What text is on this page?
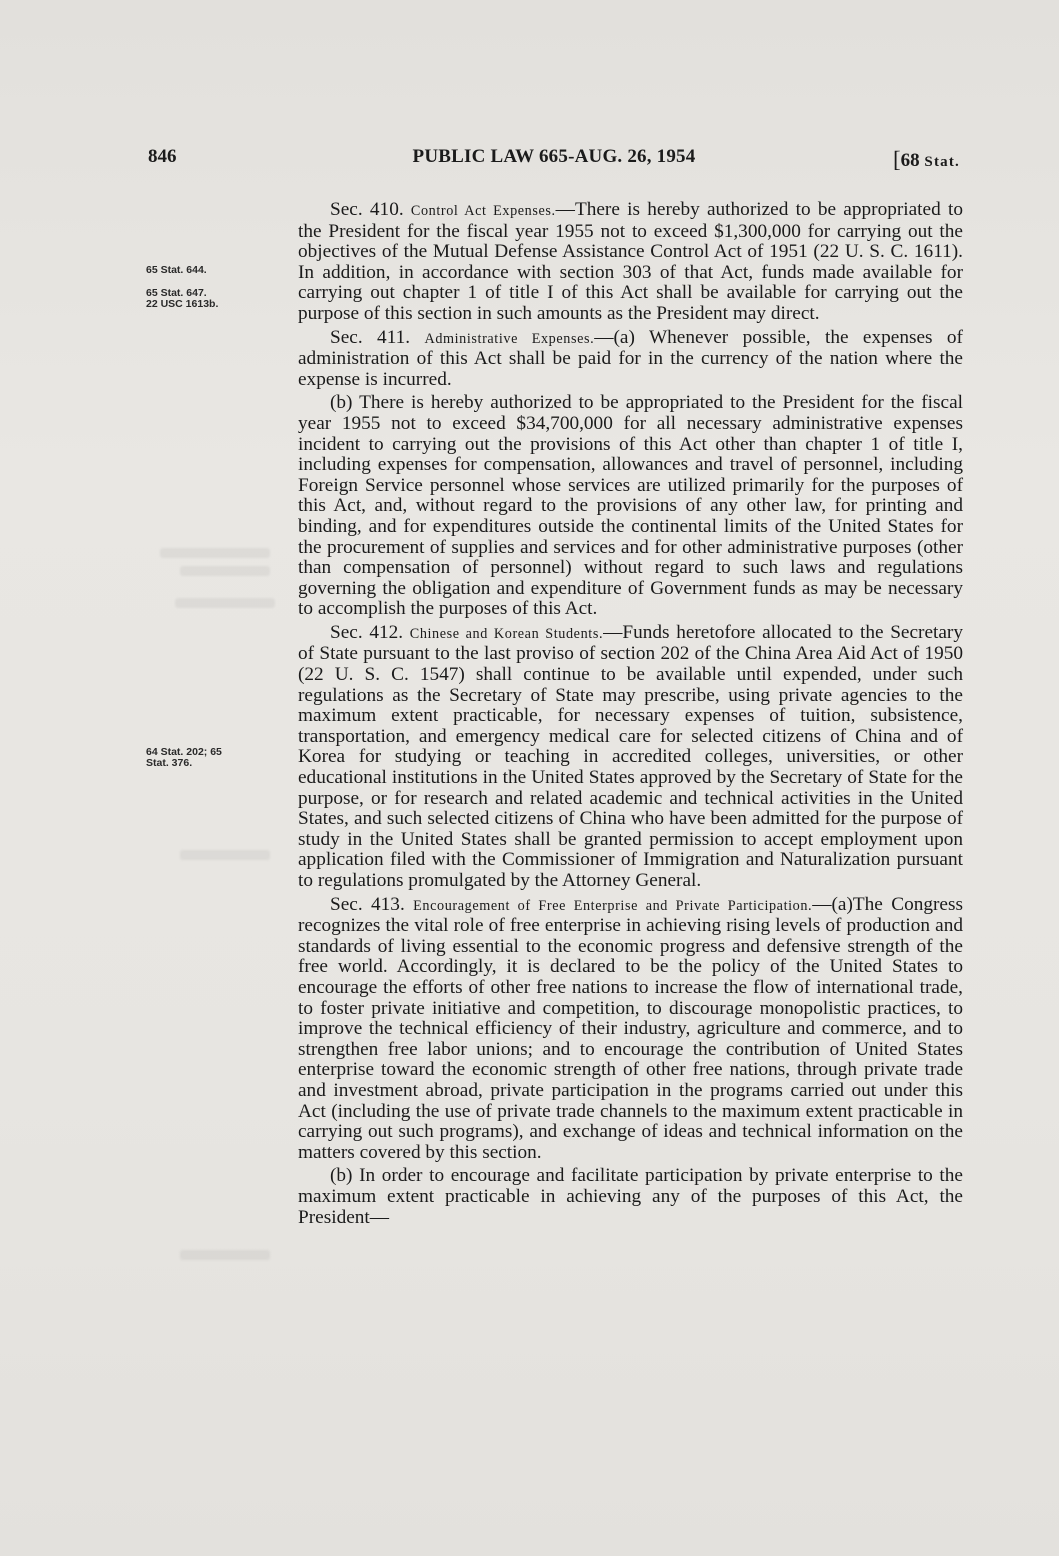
846	PUBLIC LAW 665-AUG. 26, 1954	[68 Stat.
65 Stat. 644.
65 Stat. 647.
22 USC 1613b.
64 Stat. 202; 65
Stat. 376.

Sec. 410. Control Act Expenses.—There is hereby authorized to be appropriated to the President for the fiscal year 1955 not to exceed $1,300,000 for carrying out the objectives of the Mutual Defense Assistance Control Act of 1951 (22 U. S. C. 1611). In addition, in accordance with section 303 of that Act, funds made available for carrying out chapter 1 of title I of this Act shall be available for carrying out the purpose of this section in such amounts as the President may direct.

Sec. 411. Administrative Expenses.—(a) Whenever possible, the expenses of administration of this Act shall be paid for in the currency of the nation where the expense is incurred.

(b) There is hereby authorized to be appropriated to the President for the fiscal year 1955 not to exceed $34,700,000 for all necessary administrative expenses incident to carrying out the provisions of this Act other than chapter 1 of title I, including expenses for compensation, allowances and travel of personnel, including Foreign Service personnel whose services are utilized primarily for the purposes of this Act, and, without regard to the provisions of any other law, for printing and binding, and for expenditures outside the continental limits of the United States for the procurement of supplies and services and for other administrative purposes (other than compensation of personnel) without regard to such laws and regulations governing the obligation and expenditure of Government funds as may be necessary to accomplish the purposes of this Act.

Sec. 412. Chinese and Korean Students.—Funds heretofore allocated to the Secretary of State pursuant to the last proviso of section 202 of the China Area Aid Act of 1950 (22 U. S. C. 1547) shall continue to be available until expended, under such regulations as the Secretary of State may prescribe, using private agencies to the maximum extent practicable, for necessary expenses of tuition, subsistence, transportation, and emergency medical care for selected citizens of China and of Korea for studying or teaching in accredited colleges, universities, or other educational institutions in the United States approved by the Secretary of State for the purpose, or for research and related academic and technical activities in the United States, and such selected citizens of China who have been admitted for the purpose of study in the United States shall be granted permission to accept employment upon application filed with the Commissioner of Immigration and Naturalization pursuant to regulations promulgated by the Attorney General.

Sec. 413. Encouragement of Free Enterprise and Private Participation.—(a)The Congress recognizes the vital role of free enterprise in achieving rising levels of production and standards of living essential to the economic progress and defensive strength of the free world. Accordingly, it is declared to be the policy of the United States to encourage the efforts of other free nations to increase the flow of international trade, to foster private initiative and competition, to discourage monopolistic practices, to improve the technical efficiency of their industry, agriculture and commerce, and to strengthen free labor unions; and to encourage the contribution of United States enterprise toward the economic strength of other free nations, through private trade and investment abroad, private participation in the programs carried out under this Act (including the use of private trade channels to the maximum extent practicable in carrying out such programs), and exchange of ideas and technical information on the matters covered by this section.

(b) In order to encourage and facilitate participation by private enterprise to the maximum extent practicable in achieving any of the purposes of this Act, the President—
